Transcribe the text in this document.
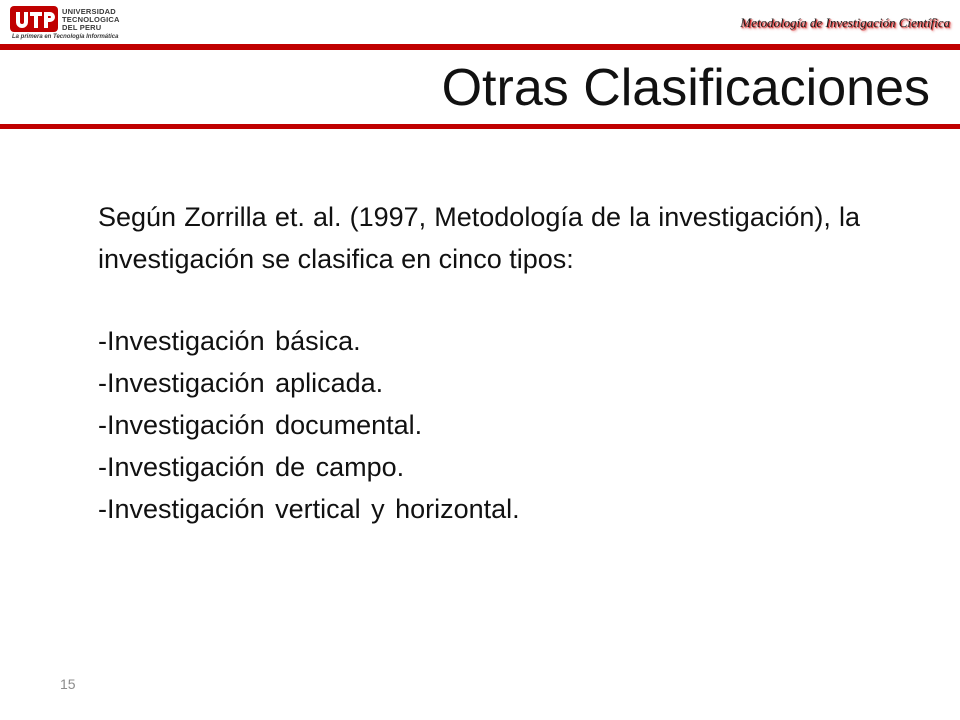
UNIVERSIDAD
TECNOLOGICA
DEL PERU
La primera en Tecnología Informática
Metodología de Investigación Científica
Otras Clasificaciones

Según Zorrilla et. al. (1997, Metodología de la investigación), la investigación se clasifica en cinco tipos:

-Investigación básica.
-Investigación aplicada.
-Investigación documental.
-Investigación de campo.
-Investigación vertical y horizontal.
15
